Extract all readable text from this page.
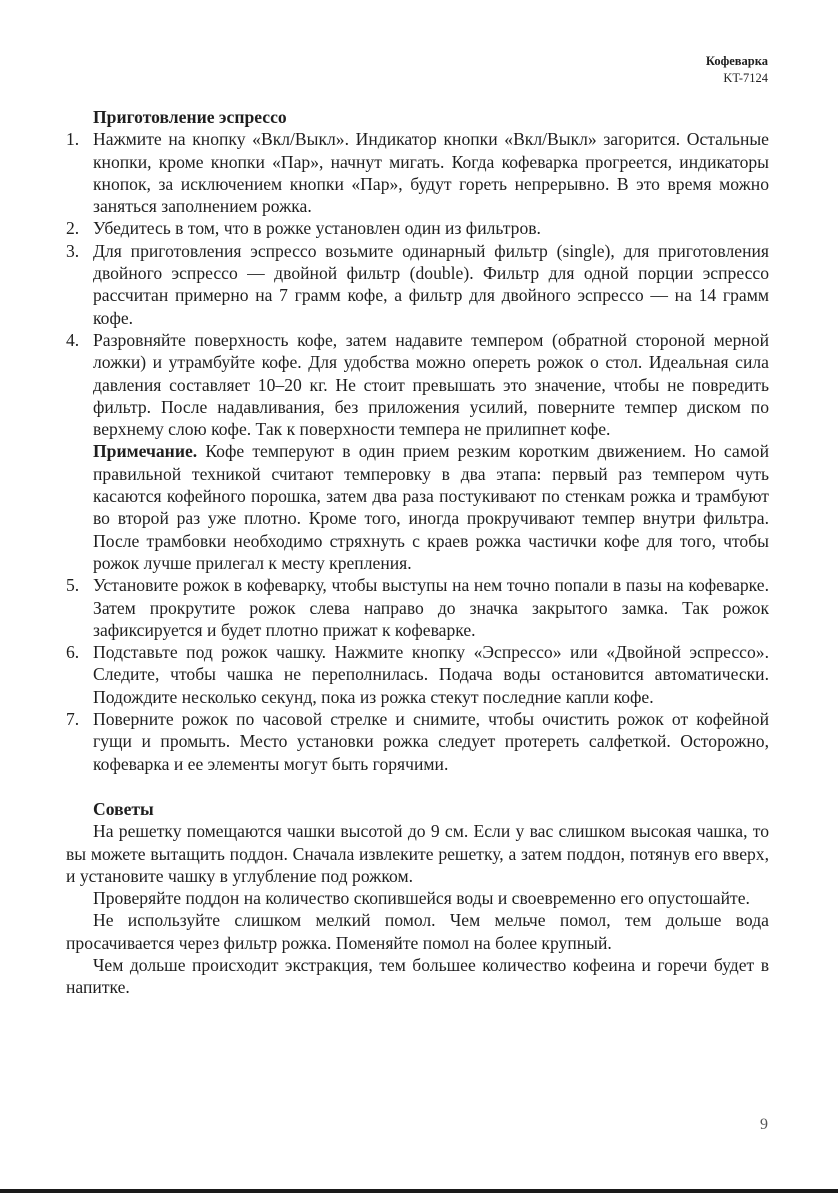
Кофеварка
KT-7124
Приготовление эспрессо
1. Нажмите на кнопку «Вкл/Выкл». Индикатор кнопки «Вкл/Выкл» загорится. Остальные кнопки, кроме кнопки «Пар», начнут мигать. Когда кофеварка прогреется, индикаторы кнопок, за исключением кнопки «Пар», будут гореть непрерывно. В это время можно заняться заполнением рожка.

2. Убедитесь в том, что в рожке установлен один из фильтров.

3. Для приготовления эспрессо возьмите одинарный фильтр (single), для приготовления двойного эспрессо — двойной фильтр (double). Фильтр для одной порции эспрессо рассчитан примерно на 7 грамм кофе, а фильтр для двойного эспрессо — на 14 грамм кофе.

4. Разровняйте поверхность кофе, затем надавите темпером (обратной стороной мерной ложки) и утрамбуйте кофе. Для удобства можно опереть рожок о стол. Идеальная сила давления составляет 10–20 кг. Не стоит превышать это значение, чтобы не повредить фильтр. После надавливания, без приложения усилий, поверните темпер диском по верхнему слою кофе. Так к поверхности темпера не прилипнет кофе.

Примечание. Кофе темперуют в один прием резким коротким движением. Но самой правильной техникой считают темперовку в два этапа: первый раз темпером чуть касаются кофейного порошка, затем два раза постукивают по стенкам рожка и трамбуют во второй раз уже плотно. Кроме того, иногда прокручивают темпер внутри фильтра. После трамбовки необходимо стряхнуть с краев рожка частички кофе для того, чтобы рожок лучше прилегал к месту крепления.

5. Установите рожок в кофеварку, чтобы выступы на нем точно попали в пазы на кофеварке. Затем прокрутите рожок слева направо до значка закрытого замка. Так рожок зафиксируется и будет плотно прижат к кофеварке.

6. Подставьте под рожок чашку. Нажмите кнопку «Эспрессо» или «Двойной эспрессо». Следите, чтобы чашка не переполнилась. Подача воды остановится автоматически. Подождите несколько секунд, пока из рожка стекут последние капли кофе.

7. Поверните рожок по часовой стрелке и снимите, чтобы очистить рожок от кофейной гущи и промыть. Место установки рожка следует протереть салфеткой. Осторожно, кофеварка и ее элементы могут быть горячими.

Советы

На решетку помещаются чашки высотой до 9 см. Если у вас слишком высокая чашка, то вы можете вытащить поддон. Сначала извлеките решетку, а затем поддон, потянув его вверх, и установите чашку в углубление под рожком.

Проверяйте поддон на количество скопившейся воды и своевременно его опустошайте.

Не используйте слишком мелкий помол. Чем мельче помол, тем дольше вода просачивается через фильтр рожка. Поменяйте помол на более крупный.

Чем дольше происходит экстракция, тем большее количество кофеина и горечи будет в напитке.

9
